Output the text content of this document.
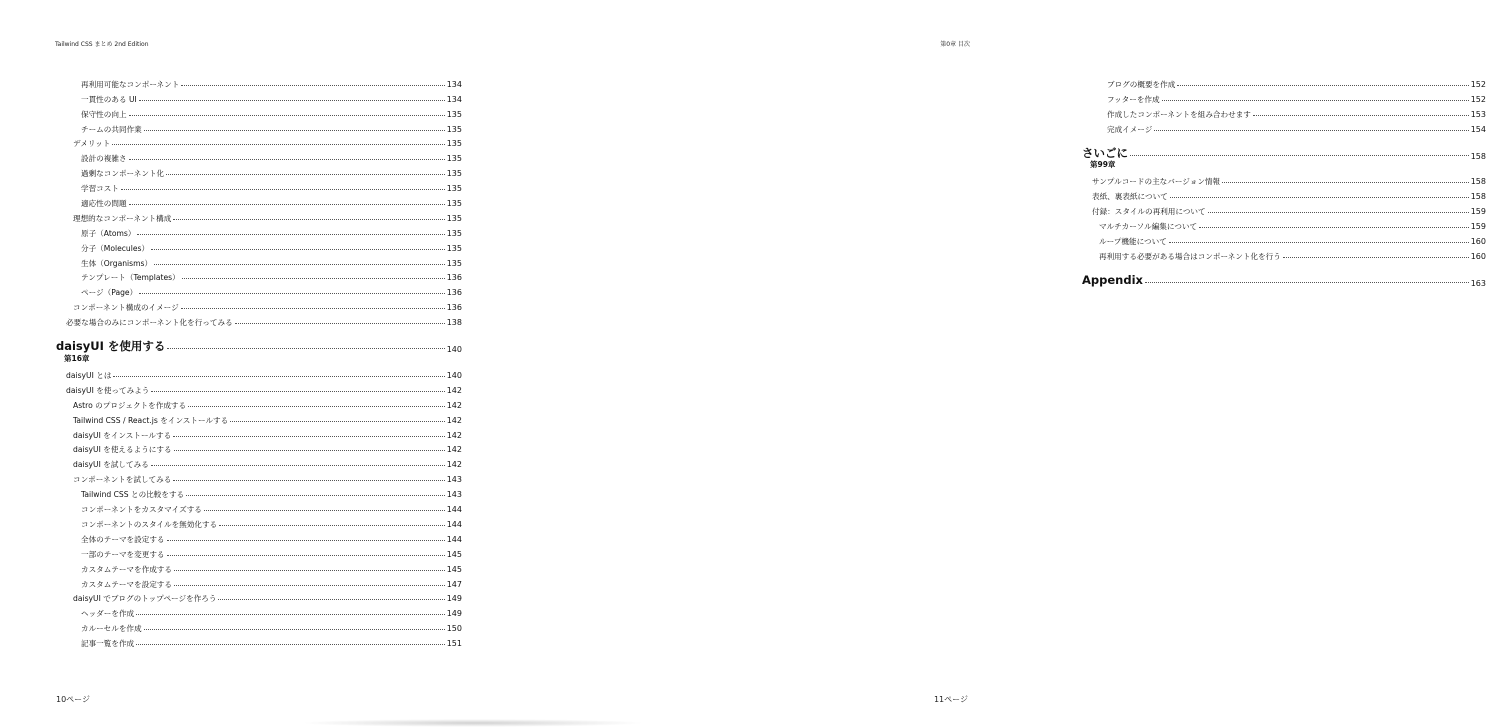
Tailwind CSS まとめ 2nd Edition
再利用可能なコンポーネント	134
一貫性のある UI	134
保守性の向上	135
チームの共同作業	135
デメリット	135
設計の複雑さ	135
過剰なコンポーネント化	135
学習コスト	135
適応性の問題	135
理想的なコンポーネント構成	135
原子（Atoms）	135
分子（Molecules）	135
生体（Organisms）	135
テンプレート（Templates）	136
ページ（Page）	136
コンポーネント構成のイメージ	136
必要な場合のみにコンポーネント化を行ってみる	138
daisyUI を使用する	140
第16章
daisyUI とは	140
daisyUI を使ってみよう	142
Astro のプロジェクトを作成する	142
Tailwind CSS / React.js をインストールする	142
daisyUI をインストールする	142
daisyUI を使えるようにする	142
daisyUI を試してみる	142
コンポーネントを試してみる	143
Tailwind CSS との比較をする	143
コンポーネントをカスタマイズする	144
コンポーネントのスタイルを無効化する	144
全体のテーマを設定する	144
一部のテーマを変更する	145
カスタムテーマを作成する	145
カスタムテーマを設定する	147
daisyUI でブログのトップページを作ろう	149
ヘッダーを作成	149
カルーセルを作成	150
記事一覧を作成	151
10ページ
第0章 目次
ブログの概要を作成	152
フッターを作成	152
作成したコンポーネントを組み合わせます	153
完成イメージ	154
さいごに	158
第99章
サンプルコードの主なバージョン情報	158
表紙、裏表紙について	158
付録：スタイルの再利用について	159
マルチカーソル編集について	159
ループ機能について	160
再利用する必要がある場合はコンポーネント化を行う	160
Appendix	163
11ページ
